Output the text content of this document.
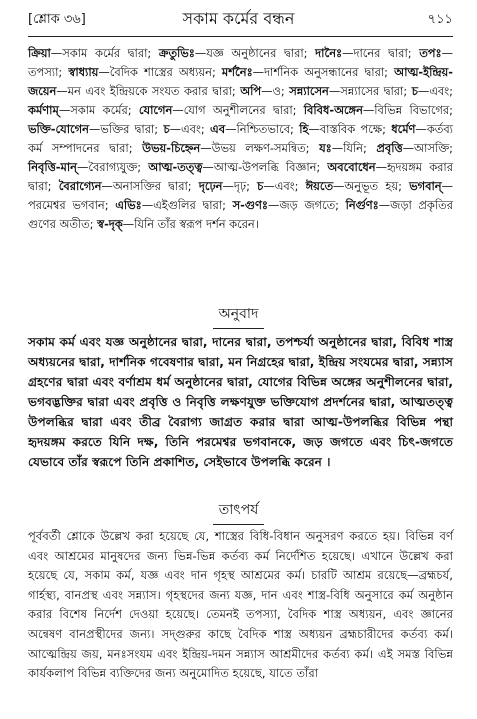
[শ্লোক ৩৬]	৭১১
সকাম কর্মের বন্ধন
ক্রিয়া—সকাম কর্মের দ্বারা; ক্রতুভিঃ—যজ্ঞ অনুষ্ঠানের দ্বারা; দানৈঃ—দানের দ্বারা; তপঃ—তপস্যা; স্বাধ্যায়—বৈদিক শাস্ত্রের অধ্যয়ন; মর্শনৈঃ—দার্শনিক অনুসন্ধানের দ্বারা; আত্ম-ইন্দ্রিয়-জয়েন—মন এবং ইন্দ্রিয়কে সংযত করার দ্বারা; অপি—ও; সন্ন্যাসেন—সন্ন্যাসের দ্বারা; চ—এবং; কর্মণাম্—সকাম কর্মের; যোগেন—যোগ অনুশীলনের দ্বারা; বিবিধ-অঙ্গেন—বিভিন্ন বিভাগের; ভক্তি-যোগেন—ভক্তির দ্বারা; চ—এবং; এব—নিশ্চিতভাবে; হি—বাস্তবিক পক্ষে; ধর্মেণ—কর্তব্য কর্ম সম্পাদনের দ্বারা; উভয়-চিহ্নেন—উভয় লক্ষণ-সমন্বিত; যঃ—যিনি; প্রবৃত্তি—আসক্তি; নিবৃত্তি-মান্—বৈরাগ্যযুক্ত; আত্ম-তত্ত্ব—আত্ম-উপলব্ধি বিজ্ঞান; অববোধেন—হৃদয়ঙ্গম করার দ্বারা; বৈরাগ্যেন—অনাসক্তির দ্বারা; দৃঢ়েন—দৃঢ়; চ—এবং; ঈয়তে—অনুভূত হয়; ভগবান্—পরমেশ্বর ভগবান; এভিঃ—এইগুলির দ্বারা; স-গুণঃ—জড় জগতে; নির্গুণঃ—জড়া প্রকৃতির গুণের অতীত; স্ব-দৃক্—যিনি তাঁর স্বরূপ দর্শন করেন।
অনুবাদ
সকাম কর্ম এবং যজ্ঞ অনুষ্ঠানের দ্বারা, দানের দ্বারা, তপশ্চর্যা অনুষ্ঠানের দ্বারা, বিবিধ শাস্ত্র অধ্যয়নের দ্বারা, দার্শনিক গবেষণার দ্বারা, মন নিগ্রহের দ্বারা, ইন্দ্রিয় সংযমের দ্বারা, সন্ন্যাস গ্রহণের দ্বারা এবং বর্ণাশ্রম ধর্ম অনুষ্ঠানের দ্বারা, যোগের বিভিন্ন অঙ্গের অনুশীলনের দ্বারা, ভগবদ্ভক্তির দ্বারা এবং প্রবৃত্তি ও নিবৃত্তি লক্ষণযুক্ত ভক্তিযোগ প্রদর্শনের দ্বারা, আত্মতত্ত্ব উপলব্ধির দ্বারা এবং তীব্র বৈরাগ্য জাগ্রত করার দ্বারা আত্ম-উপলব্ধির বিভিন্ন পন্থা হৃদয়ঙ্গম করতে যিনি দক্ষ, তিনি পরমেশ্বর ভগবানকে, জড় জগতে এবং চিৎ-জগতে যেভাবে তাঁর স্বরূপে তিনি প্রকাশিত, সেইভাবে উপলব্ধি করেন ।
তাৎপর্য
পূর্ববর্তী শ্লোকে উল্লেখ করা হয়েছে যে, শাস্ত্রের বিধি-বিধান অনুসরণ করতে হয়। বিভিন্ন বর্ণ এবং আশ্রমের মানুষদের জন্য ভিন্ন-ভিন্ন কর্তব্য কর্ম নির্দেশিত হয়েছে। এখানে উল্লেখ করা হয়েছে যে, সকাম কর্ম, যজ্ঞ এবং দান গৃহস্থ আশ্রমের কর্ম। চারটি আশ্রম রয়েছে—ব্রহ্মচর্য, গার্হস্থ্য, বানপ্রস্থ এবং সন্ন্যাস। গৃহস্থদের জন্য যজ্ঞ, দান এবং শাস্ত্র-বিধি অনুসারে কর্ম অনুষ্ঠান করার বিশেষ নির্দেশ দেওয়া হয়েছে। তেমনই তপস্যা, বৈদিক শাস্ত্র অধ্যয়ন, এবং জ্ঞানের অন্বেষণ বানপ্রস্থীদের জন্য। সদ্‌গুরুর কাছে বৈদিক শাস্ত্র অধ্যয়ন ব্রহ্মচারীদের কর্তব্য কর্ম। আত্মেন্দ্রিয় জয়, মনঃসংযম এবং ইন্দ্রিয়-দমন সন্ন্যাস আশ্রমীদের কর্তব্য কর্ম। এই সমস্ত বিভিন্ন কার্যকলাপ বিভিন্ন ব্যক্তিদের জন্য অনুমোদিত হয়েছে, যাতে তাঁরা
